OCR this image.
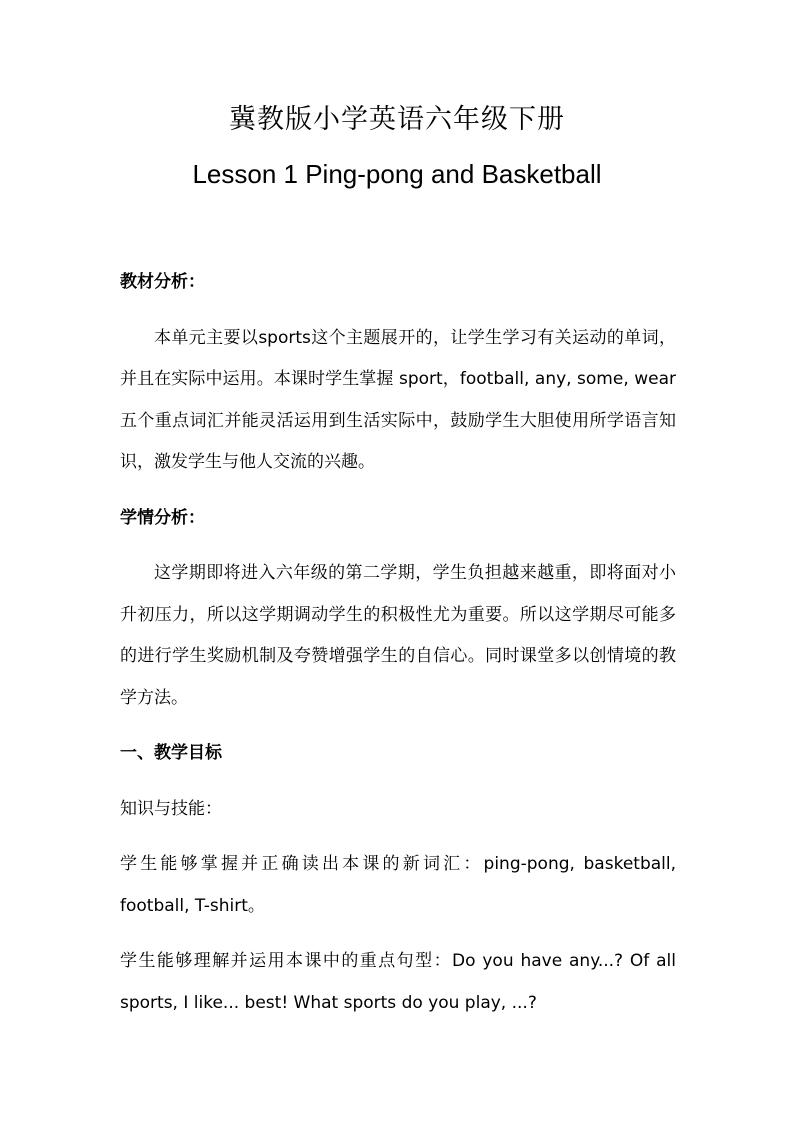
冀教版小学英语六年级下册
Lesson 1 Ping-pong and Basketball
教材分析：
本单元主要以sports这个主题展开的，让学生学习有关运动的单词，并且在实际中运用。本课时学生掌握 sport，football, any, some, wear 五个重点词汇并能灵活运用到生活实际中，鼓励学生大胆使用所学语言知识，激发学生与他人交流的兴趣。
学情分析：
这学期即将进入六年级的第二学期，学生负担越来越重，即将面对小升初压力，所以这学期调动学生的积极性尤为重要。所以这学期尽可能多的进行学生奖励机制及夸赞增强学生的自信心。同时课堂多以创情境的教学方法。
一、教学目标
知识与技能：
学生能够掌握并正确读出本课的新词汇：ping-pong, basketball, football, T-shirt。
学生能够理解并运用本课中的重点句型：Do you have any...? Of all sports, I like... best! What sports do you play, ...?
